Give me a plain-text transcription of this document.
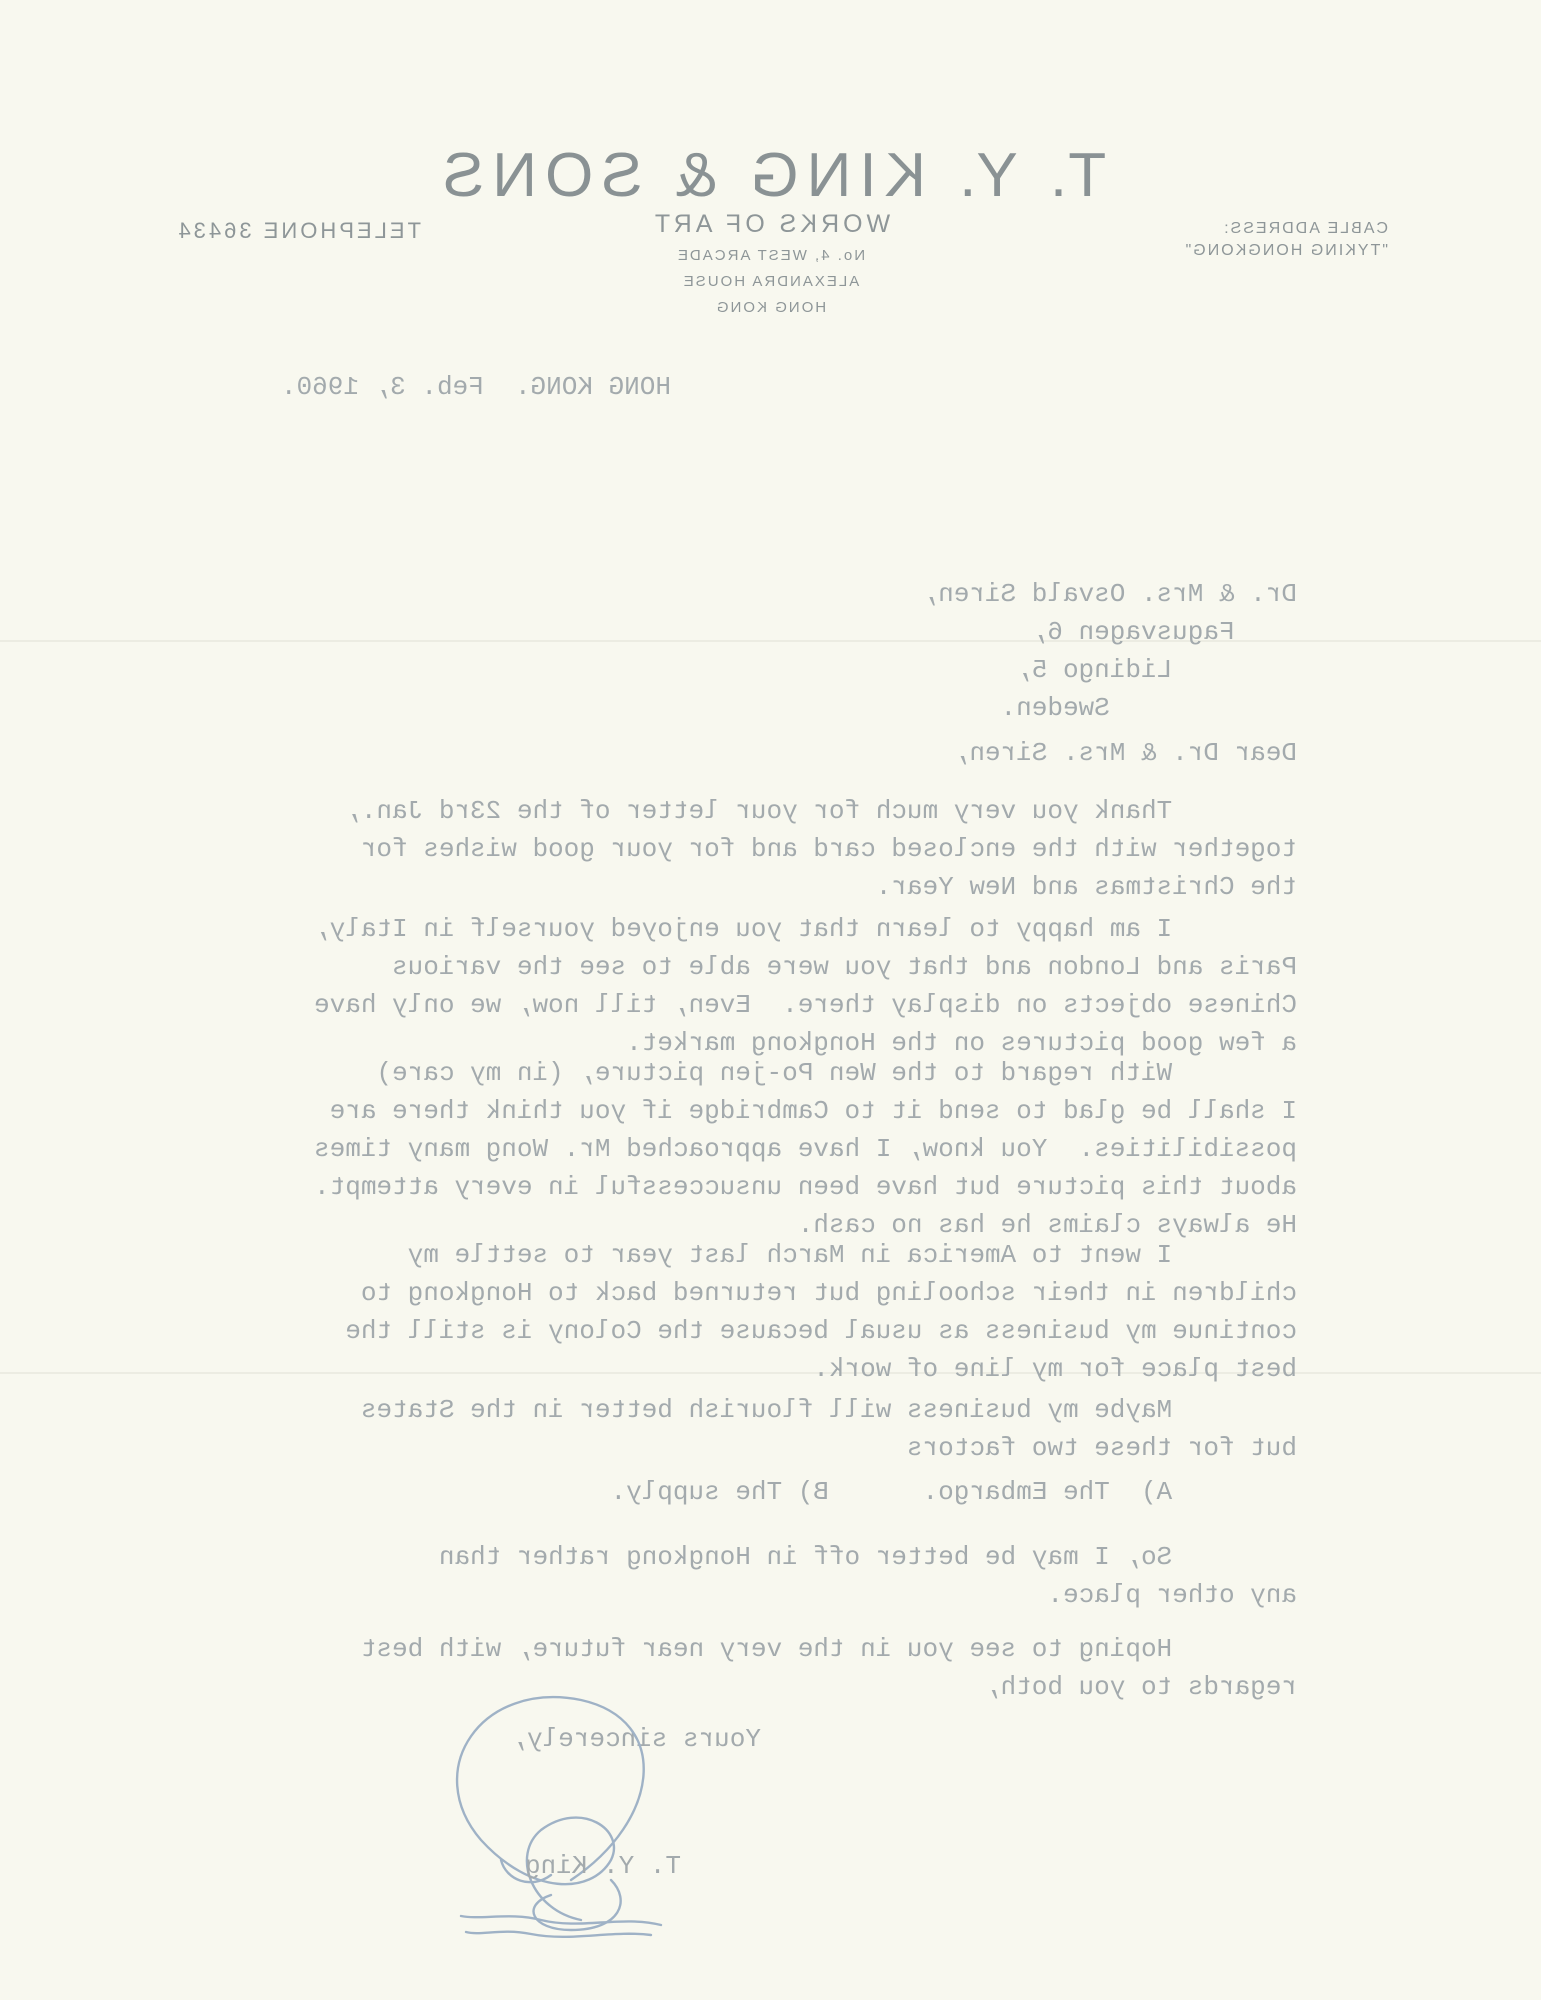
T. Y. KING & SONS
WORKS OF ART
No. 4, WEST ARCADE
ALEXANDRA HOUSE
HONG KONG
CABLE ADDRESS:
"TYKING HONGKONG"
TELEPHONE 36434
HONG KONG.  Feb. 3, 1960.
Dr. & Mrs. Osvald Siren,
Fagusvagen 6,
Lidingo 5,
Sweden.
Dear Dr. & Mrs. Siren,
Thank you very much for your letter of the 23rd Jan.,
together with the enclosed card and for your good wishes for
the Christmas and New Year.
I am happy to learn that you enjoyed yourself in Italy,
Paris and London and that you were able to see the various
Chinese objects on display there.  Even, till now, we only have
a few good pictures on the Hongkong market.
With regard to the Wen Po-jen picture, (in my care)
I shall be glad to send it to Cambridge if you think there are
possibilities.  You know, I have approached Mr. Wong many times
about this picture but have been unsuccessful in every attempt.
He always claims he has no cash.
I went to America in March last year to settle my
children in their schooling but returned back to Hongkong to
continue my business as usual because the Colony is still the
best place for my line of work.
Maybe my business will flourish better in the States
but for these two factors
A)  The Embargo.      B) The supply.
So, I may be better off in Hongkong rather than
any other place.
Hoping to see you in the very near future, with best
regards to you both,
Yours sincerely,
T. Y. King
